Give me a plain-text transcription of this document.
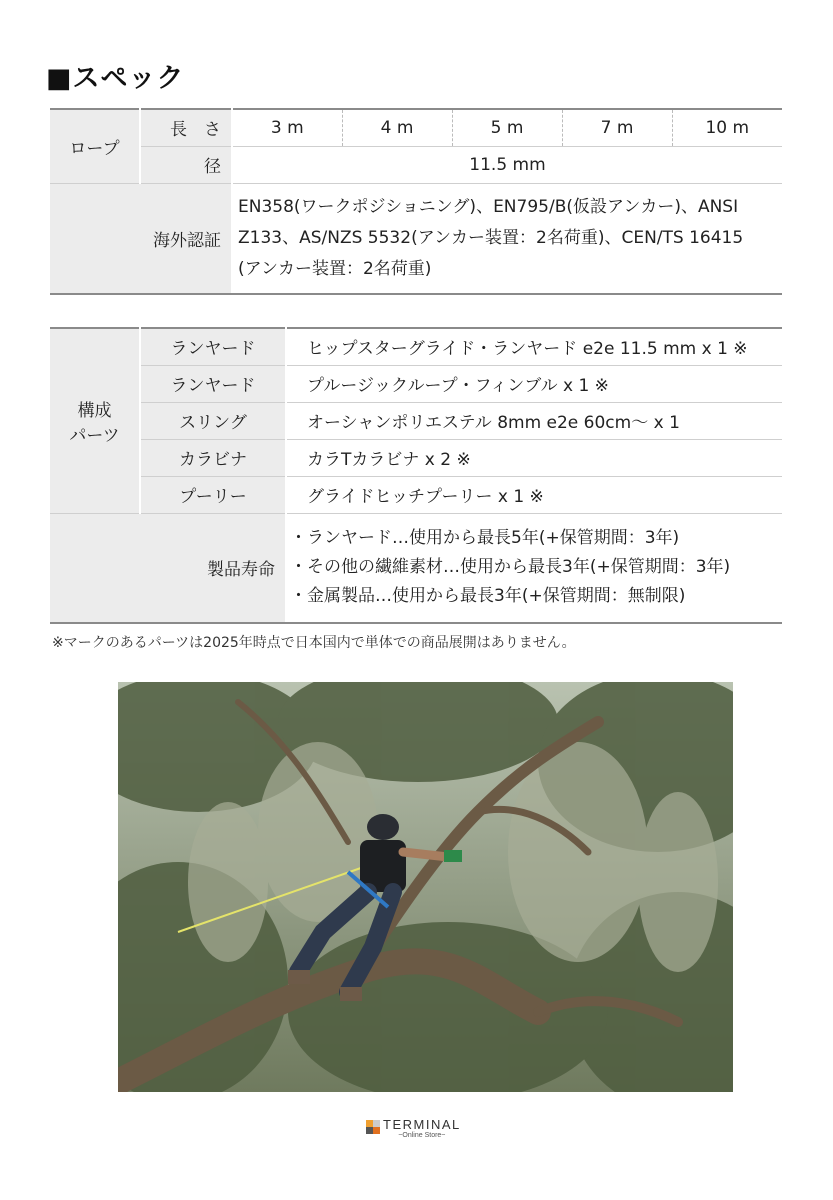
■スペック
ロープ	長　さ	3 m	4 m	5 m	7 m	10 m
	径	11.5 mm				
	海外認証	EN358(ワークポジショニング)、EN795/B(仮設アンカー)、ANSI
Z133、AS/NZS 5532(アンカー装置：2名荷重)、CEN/TS 16415
(アンカー装置：2名荷重)				
構成
パーツ	ランヤード	ヒップスターグライド・ランヤード e2e 11.5 mm x 1 ※
	ランヤード	プルージックループ・フィンブル x 1 ※
	スリング	オーシャンポリエステル 8mm e2e 60cm〜 x 1
	カラビナ	カラTカラビナ x 2 ※
	プーリー	グライドヒッチプーリー x 1 ※
	製品寿命	・ランヤード…使用から最長5年(+保管期間：3年)
・その他の繊維素材…使用から最長3年(+保管期間：3年)
・金属製品…使用から最長3年(+保管期間：無制限)
※マークのあるパーツは2025年時点で日本国内で単体での商品展開はありません。
TERMINAL
~Online Store~
